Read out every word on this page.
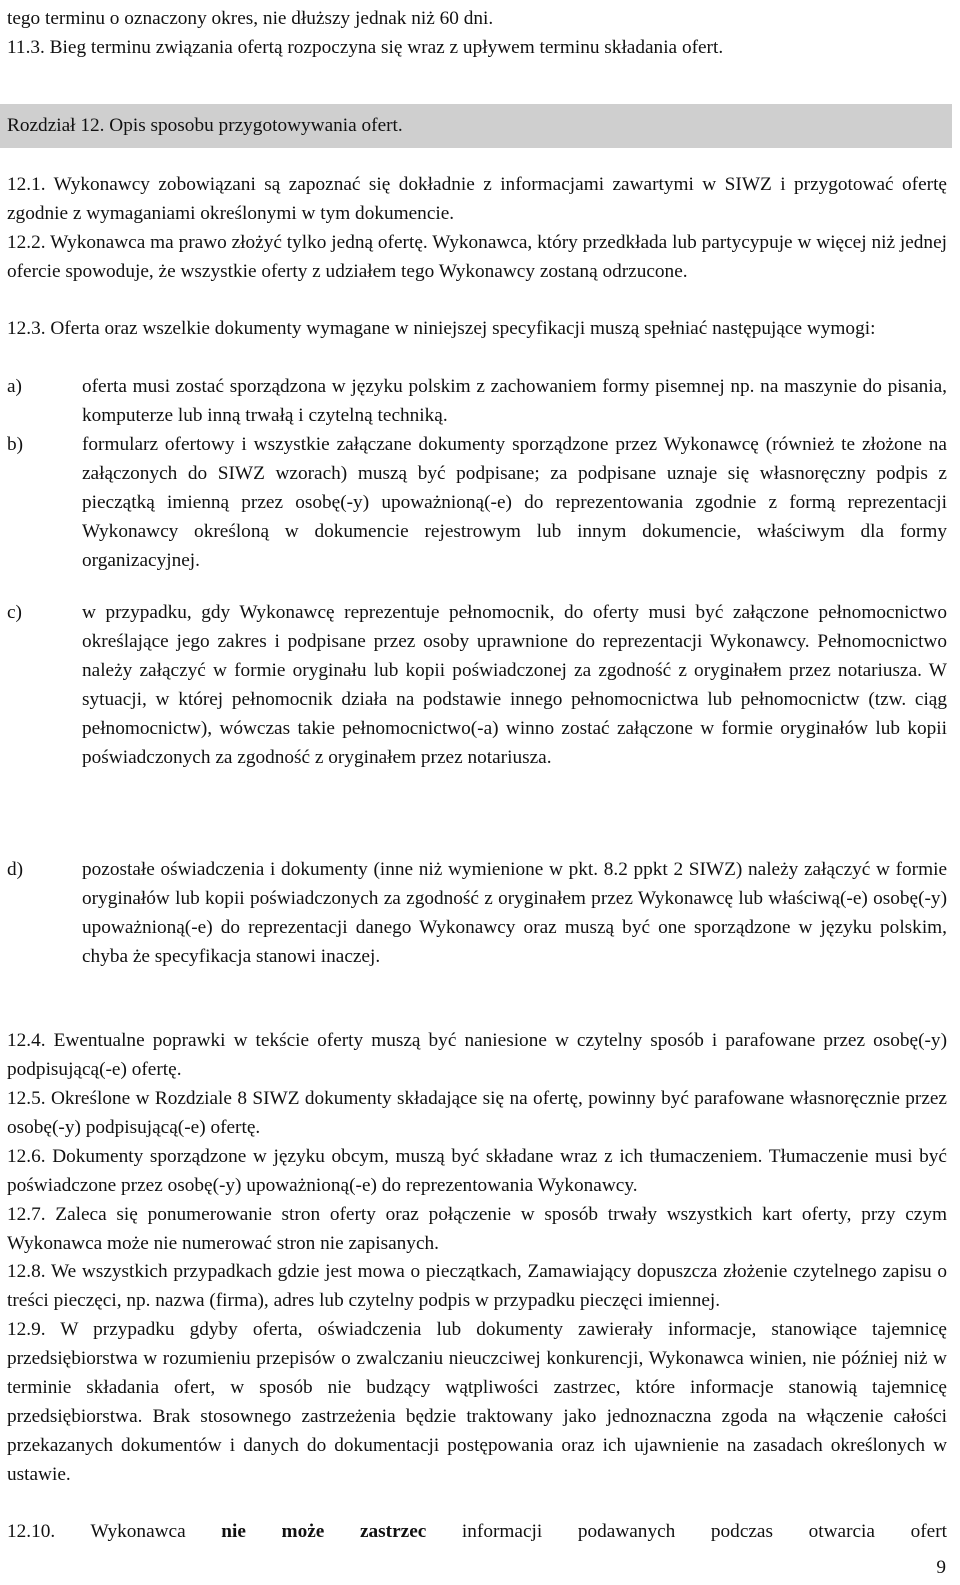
tego terminu o oznaczony okres, nie dłuższy jednak niż 60 dni.

11.3. Bieg terminu związania ofertą rozpoczyna się wraz z upływem terminu składania ofert.

Rozdział 12. Opis sposobu przygotowywania ofert.

12.1. Wykonawcy zobowiązani są zapoznać się dokładnie z informacjami zawartymi w SIWZ i przygotować ofertę zgodnie z wymaganiami określonymi w tym dokumencie.

12.2. Wykonawca ma prawo złożyć tylko jedną ofertę. Wykonawca, który przedkłada lub partycypuje w więcej niż jednej ofercie spowoduje, że wszystkie oferty z udziałem tego Wykonawcy zostaną odrzucone.

12.3. Oferta oraz wszelkie dokumenty wymagane w niniejszej specyfikacji muszą spełniać następujące wymogi:

a)	oferta musi zostać sporządzona w języku polskim z zachowaniem formy pisemnej np. na maszynie do pisania, komputerze lub inną trwałą i czytelną techniką.

b)	formularz ofertowy i wszystkie załączane dokumenty sporządzone przez Wykonawcę (również te złożone na załączonych do SIWZ wzorach) muszą być podpisane; za podpisane uznaje się własnoręczny podpis z pieczątką imienną przez osobę(-y) upoważnioną(-e) do reprezentowania zgodnie z formą reprezentacji Wykonawcy określoną w dokumencie rejestrowym lub innym dokumencie, właściwym dla formy organizacyjnej.

c)	w przypadku, gdy Wykonawcę reprezentuje pełnomocnik, do oferty musi być załączone pełnomocnictwo określające jego zakres i podpisane przez osoby uprawnione do reprezentacji Wykonawcy. Pełnomocnictwo należy załączyć w formie oryginału lub kopii poświadczonej za zgodność z oryginałem przez notariusza. W sytuacji, w której pełnomocnik działa na podstawie innego pełnomocnictwa lub pełnomocnictw (tzw. ciąg pełnomocnictw), wówczas takie pełnomocnictwo(-a) winno zostać załączone w formie oryginałów lub kopii poświadczonych za zgodność z oryginałem przez notariusza.

d)	pozostałe oświadczenia i dokumenty (inne niż wymienione w pkt. 8.2 ppkt 2 SIWZ) należy załączyć w formie oryginałów lub kopii poświadczonych za zgodność z oryginałem przez Wykonawcę lub właściwą(-e) osobę(-y) upoważnioną(-e) do reprezentacji danego Wykonawcy oraz muszą być one sporządzone w języku polskim, chyba że specyfikacja stanowi inaczej.

12.4. Ewentualne poprawki w tekście oferty muszą być naniesione w czytelny sposób i parafowane przez osobę(-y) podpisującą(-e) ofertę.

12.5. Określone w Rozdziale 8 SIWZ dokumenty składające się na ofertę, powinny być parafowane własnoręcznie przez osobę(-y) podpisującą(-e) ofertę.

12.6. Dokumenty sporządzone w języku obcym, muszą być składane wraz z ich tłumaczeniem. Tłumaczenie musi być poświadczone przez osobę(-y) upoważnioną(-e) do reprezentowania Wykonawcy.

12.7. Zaleca się ponumerowanie stron oferty oraz połączenie w sposób trwały wszystkich kart oferty, przy czym Wykonawca może nie numerować stron nie zapisanych.

12.8. We wszystkich przypadkach gdzie jest mowa o pieczątkach, Zamawiający dopuszcza złożenie czytelnego zapisu o treści pieczęci, np. nazwa (firma), adres lub czytelny podpis w przypadku pieczęci imiennej.

12.9. W przypadku gdyby oferta, oświadczenia lub dokumenty zawierały informacje, stanowiące tajemnicę przedsiębiorstwa w rozumieniu przepisów o zwalczaniu nieuczciwej konkurencji, Wykonawca winien, nie później niż w terminie składania ofert, w sposób nie budzący wątpliwości zastrzec, które informacje stanowią tajemnicę przedsiębiorstwa. Brak stosownego zastrzeżenia będzie traktowany jako jednoznaczna zgoda na włączenie całości przekazanych dokumentów i danych do dokumentacji postępowania oraz ich ujawnienie na zasadach określonych w ustawie.

12.10. Wykonawca nie może zastrzec informacji podawanych podczas otwarcia ofert

9
